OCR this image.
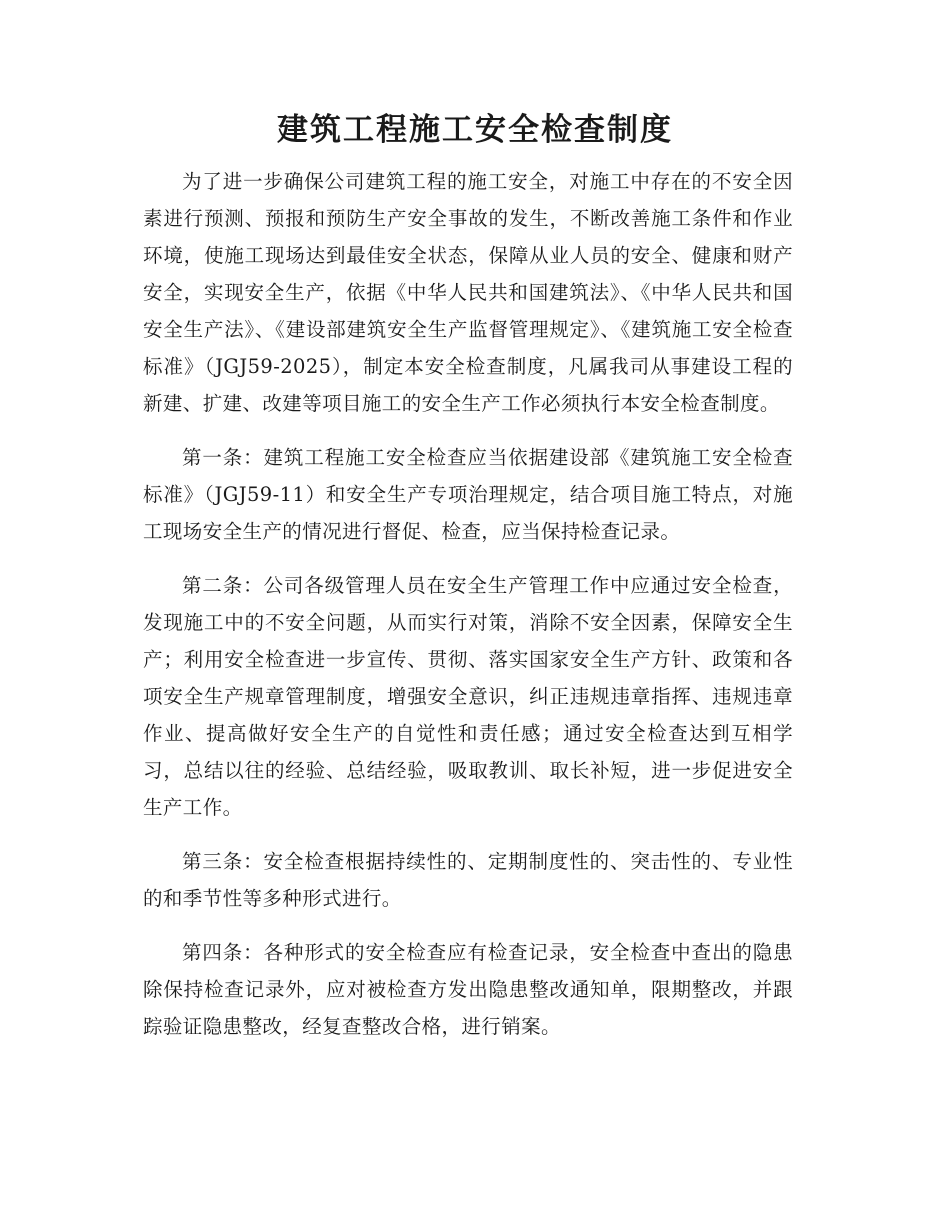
建筑工程施工安全检查制度

为了进一步确保公司建筑工程的施工安全，对施工中存在的不安全因素进行预测、预报和预防生产安全事故的发生，不断改善施工条件和作业环境，使施工现场达到最佳安全状态，保障从业人员的安全、健康和财产安全，实现安全生产，依据《中华人民共和国建筑法》、《中华人民共和国安全生产法》、《建设部建筑安全生产监督管理规定》、《建筑施工安全检查标准》（JGJ59-2025），制定本安全检查制度，凡属我司从事建设工程的新建、扩建、改建等项目施工的安全生产工作必须执行本安全检查制度。

第一条：建筑工程施工安全检查应当依据建设部《建筑施工安全检查标准》（JGJ59-11）和安全生产专项治理规定，结合项目施工特点，对施工现场安全生产的情况进行督促、检查，应当保持检查记录。

第二条：公司各级管理人员在安全生产管理工作中应通过安全检查，发现施工中的不安全问题，从而实行对策，消除不安全因素，保障安全生产；利用安全检查进一步宣传、贯彻、落实国家安全生产方针、政策和各项安全生产规章管理制度，增强安全意识，纠正违规违章指挥、违规违章作业、提高做好安全生产的自觉性和责任感；通过安全检查达到互相学习，总结以往的经验、总结经验，吸取教训、取长补短，进一步促进安全生产工作。

第三条：安全检查根据持续性的、定期制度性的、突击性的、专业性的和季节性等多种形式进行。

第四条：各种形式的安全检查应有检查记录，安全检查中查出的隐患除保持检查记录外，应对被检查方发出隐患整改通知单，限期整改，并跟踪验证隐患整改，经复查整改合格，进行销案。
